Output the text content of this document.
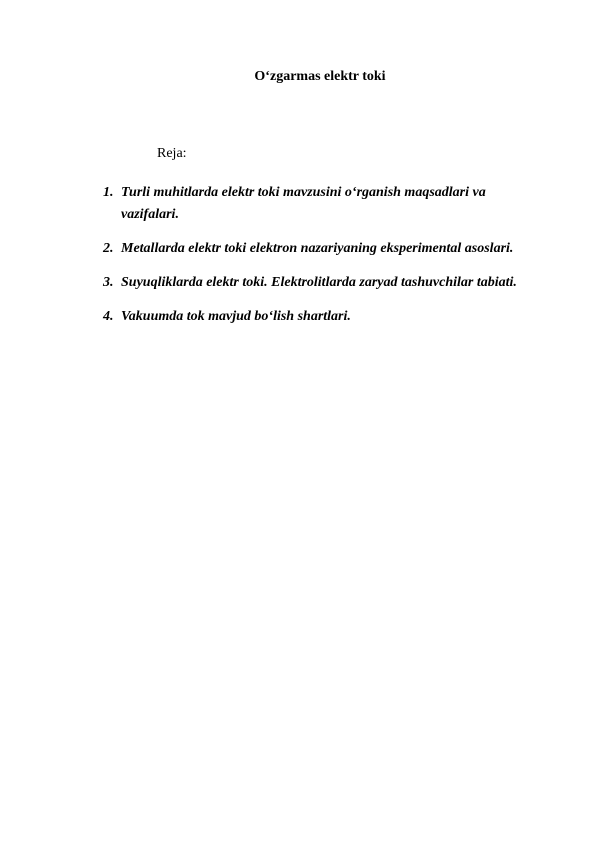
O‘zgarmas elektr toki
Reja:
1. Turli muhitlarda elektr toki mavzusini o‘rganish maqsadlari va vazifalari.
2. Metallarda elektr toki elektron nazariyaning eksperimental asoslari.
3. Suyuqliklarda elektr toki. Elektrolitlarda zaryad tashuvchilar tabiati.
4. Vakuumda tok mavjud bo‘lish shartlari.
